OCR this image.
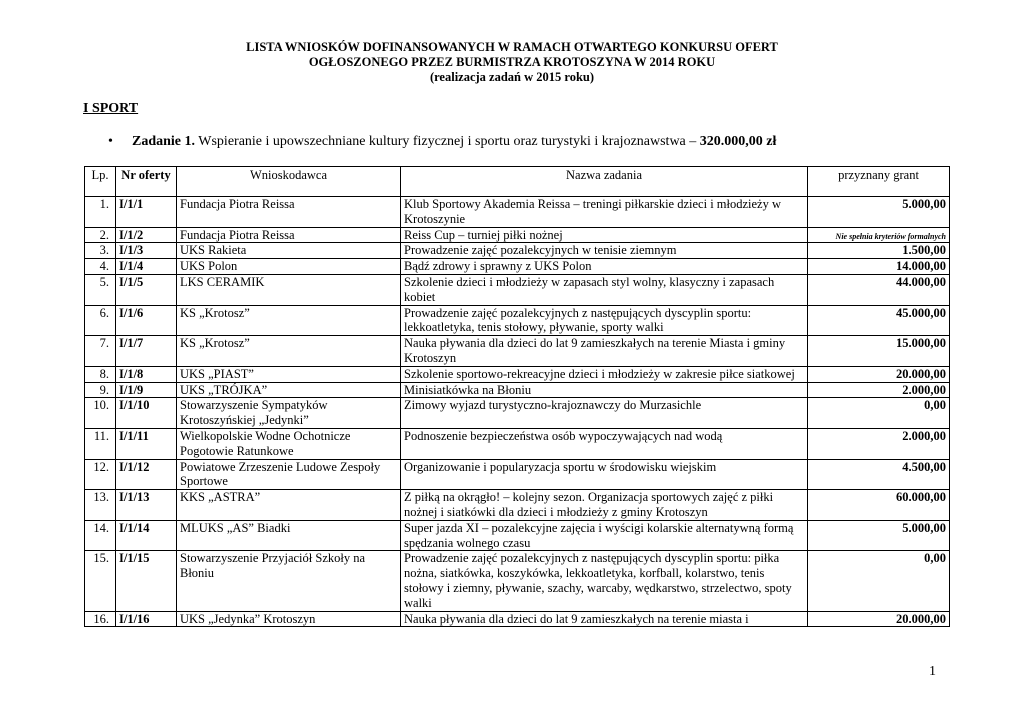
LISTA WNIOSKÓW DOFINANSOWANYCH W RAMACH OTWARTEGO KONKURSU OFERT
OGŁOSZONEGO PRZEZ BURMISTRZA KROTOSZYNA W 2014 ROKU
(realizacja zadań w 2015 roku)
I SPORT
• Zadanie 1. Wspieranie i upowszechniane kultury fizycznej i sportu oraz turystyki i krajoznawstwa – 320.000,00 zł
Lp.	Nr oferty	Wnioskodawca	Nazwa zadania	przyznany grant
1.	I/1/1	Fundacja Piotra Reissa	Klub Sportowy Akademia Reissa – treningi piłkarskie dzieci i młodzieży w Krotoszynie	5.000,00
2.	I/1/2	Fundacja Piotra Reissa	Reiss Cup – turniej piłki nożnej	Nie spełnia kryteriów formalnych
3.	I/1/3	UKS Rakieta	Prowadzenie zajęć pozalekcyjnych w tenisie ziemnym	1.500,00
4.	I/1/4	UKS Polon	Bądź zdrowy i sprawny z UKS Polon	14.000,00
5.	I/1/5	LKS CERAMIK	Szkolenie dzieci i młodzieży w zapasach styl wolny, klasyczny i zapasach kobiet	44.000,00
6.	I/1/6	KS „Krotosz”	Prowadzenie zajęć pozalekcyjnych z następujących dyscyplin sportu: lekkoatletyka, tenis stołowy, pływanie, sporty walki	45.000,00
7.	I/1/7	KS „Krotosz”	Nauka pływania dla dzieci do lat 9 zamieszkałych na terenie Miasta i gminy Krotoszyn	15.000,00
8.	I/1/8	UKS „PIAST”	Szkolenie sportowo-rekreacyjne dzieci i młodzieży w zakresie piłce siatkowej	20.000,00
9.	I/1/9	UKS „TRÓJKA”	Minisiatkówka na Błoniu	2.000,00
10.	I/1/10	Stowarzyszenie Sympatyków Krotoszyńskiej „Jedynki”	Zimowy wyjazd turystyczno-krajoznawczy do Murzasichle	0,00
11.	I/1/11	Wielkopolskie Wodne Ochotnicze Pogotowie Ratunkowe	Podnoszenie bezpieczeństwa osób wypoczywających nad wodą	2.000,00
12.	I/1/12	Powiatowe Zrzeszenie Ludowe Zespoły Sportowe	Organizowanie i popularyzacja sportu w środowisku wiejskim	4.500,00
13.	I/1/13	KKS „ASTRA”	Z piłką na okrągło! – kolejny sezon. Organizacja sportowych zajęć z piłki nożnej i siatkówki dla dzieci i młodzieży z gminy Krotoszyn	60.000,00
14.	I/1/14	MLUKS „AS” Biadki	Super jazda XI – pozalekcyjne zajęcia i wyścigi kolarskie alternatywną formą spędzania wolnego czasu	5.000,00
15.	I/1/15	Stowarzyszenie Przyjaciół Szkoły na Błoniu	Prowadzenie zajęć pozalekcyjnych z następujących dyscyplin sportu: piłka nożna, siatkówka, koszykówka, lekkoatletyka, korfball, kolarstwo, tenis stołowy i ziemny, pływanie, szachy, warcaby, wędkarstwo, strzelectwo, spoty walki	0,00
16.	I/1/16	UKS „Jedynka” Krotoszyn	Nauka pływania dla dzieci do lat 9 zamieszkałych na terenie miasta i	20.000,00
1
